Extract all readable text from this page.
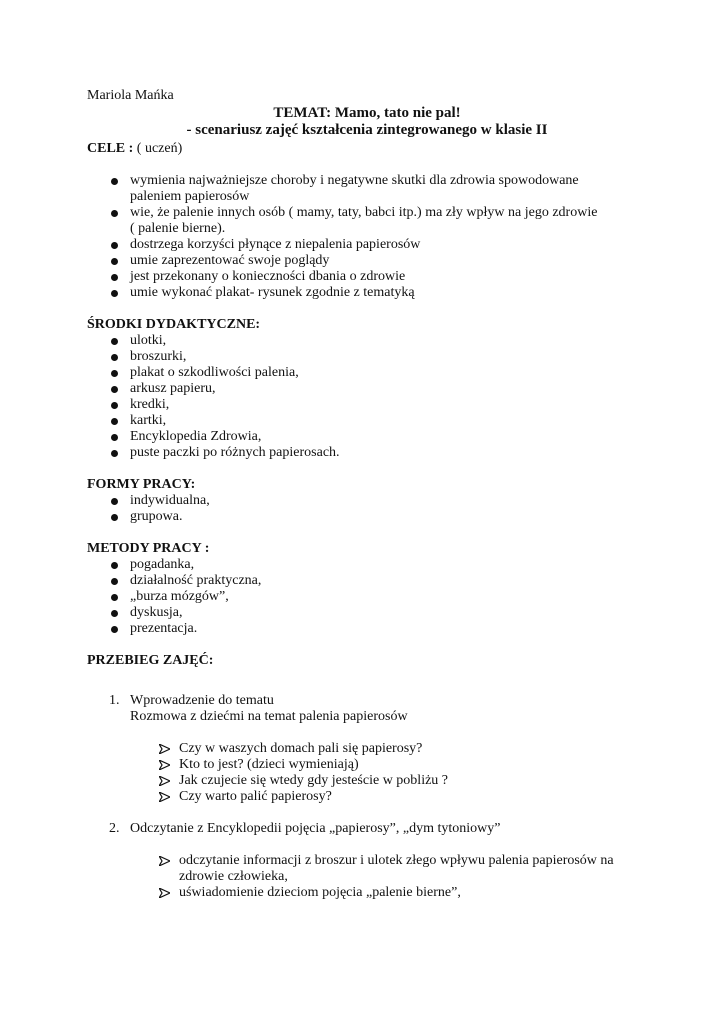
Mariola Mańka
TEMAT: Mamo, tato nie pal!
- scenariusz zajęć kształcenia zintegrowanego w klasie II
CELE : ( uczeń)
wymienia najważniejsze choroby i negatywne skutki dla zdrowia spowodowane
paleniem papierosów
wie, że palenie innych osób ( mamy, taty, babci itp.) ma zły wpływ na jego zdrowie
( palenie bierne).
dostrzega korzyści płynące z niepalenia papierosów
umie zaprezentować swoje poglądy
jest przekonany o konieczności dbania o zdrowie
umie wykonać plakat- rysunek zgodnie z tematyką
ŚRODKI DYDAKTYCZNE:
ulotki,
broszurki,
plakat o szkodliwości palenia,
arkusz papieru,
kredki,
kartki,
Encyklopedia Zdrowia,
puste paczki po różnych papierosach.
FORMY PRACY:
indywidualna,
grupowa.
METODY PRACY :
pogadanka,
działalność praktyczna,
„burza mózgów”,
dyskusja,
prezentacja.
PRZEBIEG ZAJĘĆ:
1. Wprowadzenie do tematu
Rozmowa z dziećmi na temat palenia papierosów
Czy w waszych domach pali się papierosy?
Kto to jest? (dzieci wymieniają)
Jak czujecie się wtedy gdy jesteście w pobliżu ?
Czy warto palić papierosy?
2. Odczytanie z Encyklopedii pojęcia „papierosy”, „dym tytoniowy”
odczytanie informacji z broszur i ulotek złego wpływu palenia papierosów na
zdrowie człowieka,
uświadomienie dzieciom pojęcia „palenie bierne”,
